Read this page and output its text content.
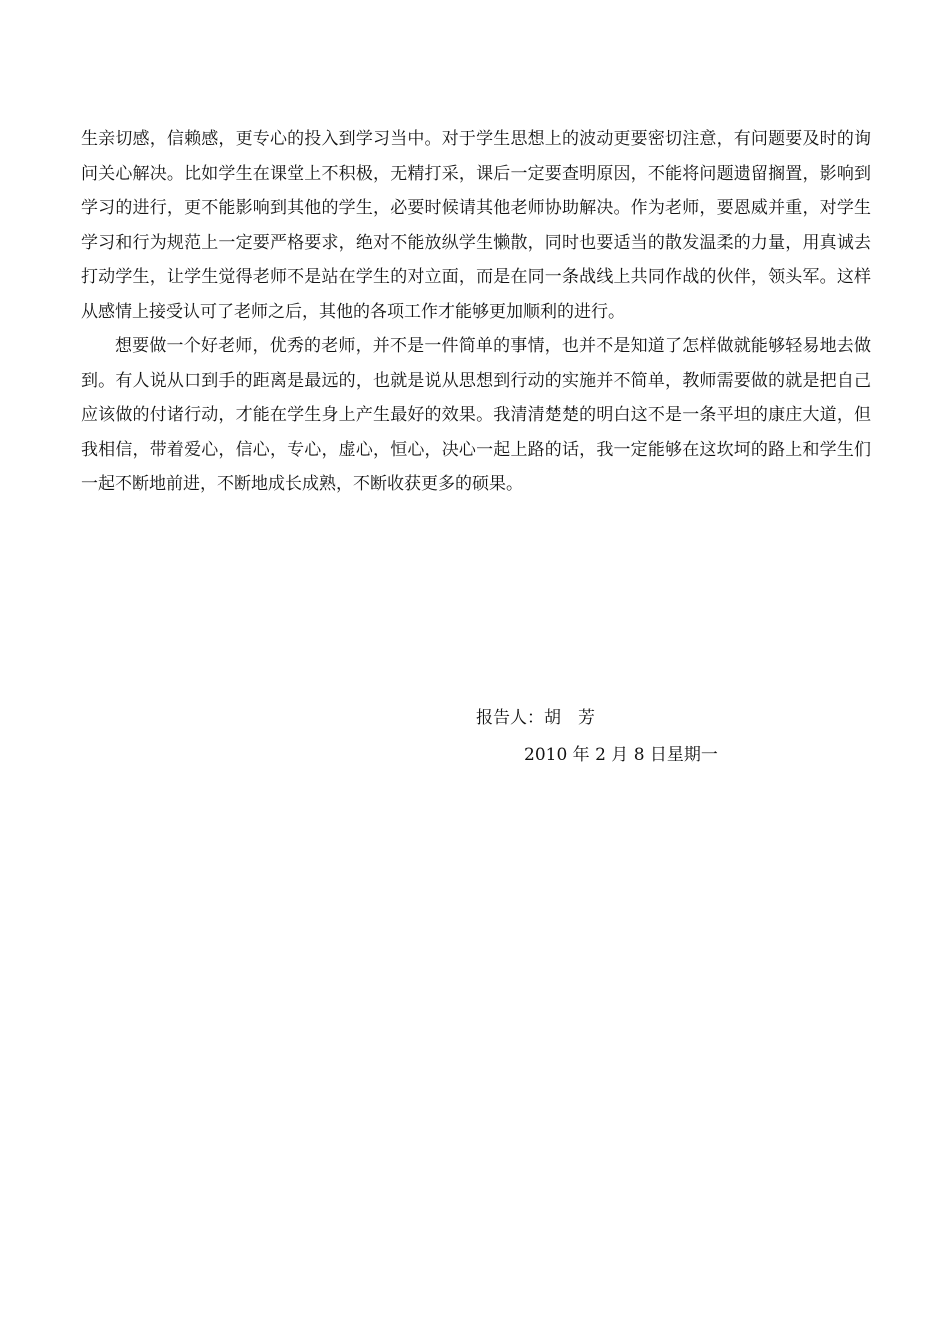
生亲切感，信赖感，更专心的投入到学习当中。对于学生思想上的波动更要密切注意，有问题要及时的询问关心解决。比如学生在课堂上不积极，无精打采，课后一定要查明原因，不能将问题遗留搁置，影响到学习的进行，更不能影响到其他的学生，必要时候请其他老师协助解决。作为老师，要恩威并重，对学生学习和行为规范上一定要严格要求，绝对不能放纵学生懒散，同时也要适当的散发温柔的力量，用真诚去打动学生，让学生觉得老师不是站在学生的对立面，而是在同一条战线上共同作战的伙伴，领头军。这样从感情上接受认可了老师之后，其他的各项工作才能够更加顺利的进行。

想要做一个好老师，优秀的老师，并不是一件简单的事情，也并不是知道了怎样做就能够轻易地去做到。有人说从口到手的距离是最远的，也就是说从思想到行动的实施并不简单，教师需要做的就是把自己应该做的付诸行动，才能在学生身上产生最好的效果。我清清楚楚的明白这不是一条平坦的康庄大道，但我相信，带着爱心，信心，专心，虚心，恒心，决心一起上路的话，我一定能够在这坎坷的路上和学生们一起不断地前进，不断地成长成熟，不断收获更多的硕果。

报告人：胡　芳
2010 年 2 月 8 日星期一
